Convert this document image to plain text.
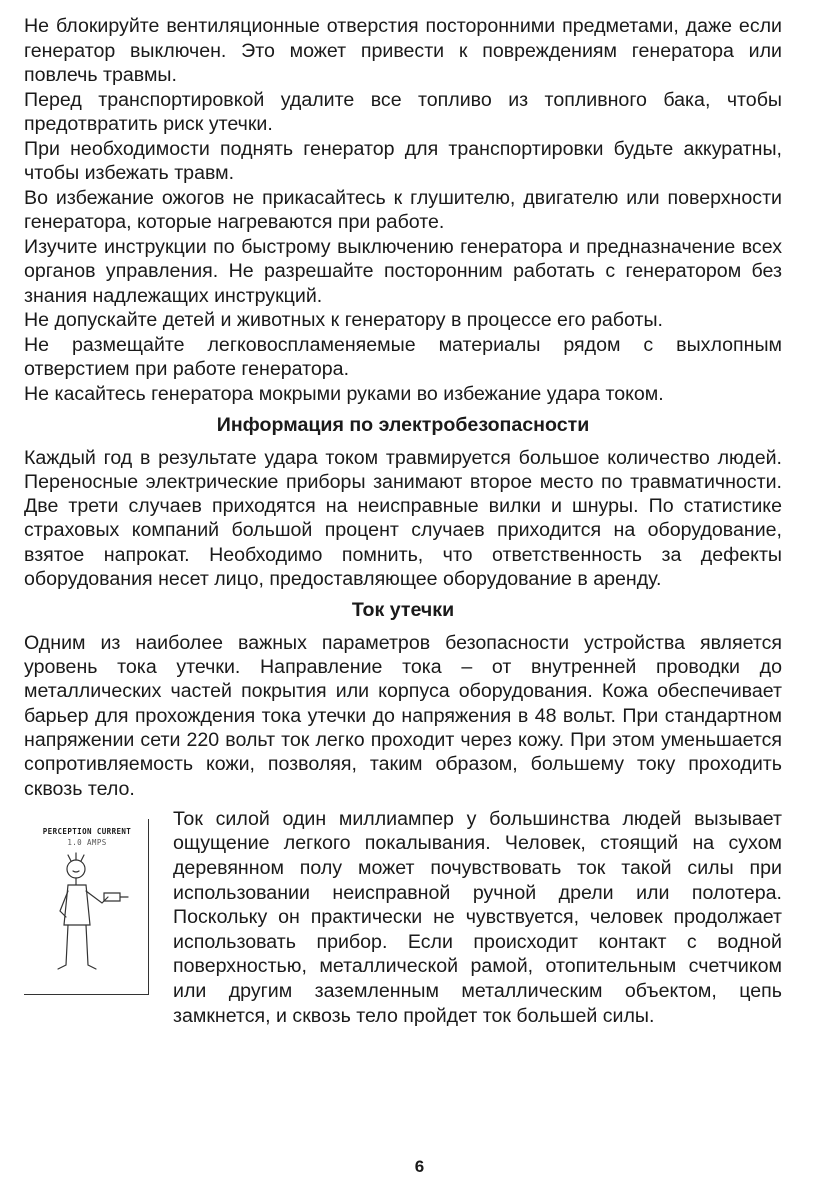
Не блокируйте вентиляционные отверстия посторонними предметами, даже если генератор выключен. Это может привести к повреждениям генератора или повлечь травмы.

Перед транспортировкой удалите все топливо из топливного бака, чтобы предотвратить риск утечки.

При необходимости поднять генератор для транспортировки будьте аккуратны, чтобы избежать травм.

Во избежание ожогов не прикасайтесь к глушителю, двигателю или поверхности генератора, которые нагреваются при работе.

Изучите инструкции по быстрому выключению генератора и предназначение всех органов управления. Не разрешайте посторонним работать с генератором без знания надлежащих инструкций.

Не допускайте детей и животных к генератору в процессе его работы.

Не размещайте легковоспламеняемые материалы рядом с выхлопным отверстием при работе генератора.

Не касайтесь генератора мокрыми руками во избежание удара током.

Информация по электробезопасности

Каждый год в результате удара током травмируется большое количество людей. Переносные электрические приборы занимают второе место по травматичности. Две трети случаев приходятся на неисправные вилки и шнуры. По статистике страховых компаний большой процент случаев приходится на оборудование, взятое напрокат. Необходимо помнить, что ответственность за дефекты оборудования несет лицо, предоставляющее оборудование в аренду.

Ток утечки

Одним из наиболее важных параметров безопасности устройства является уровень тока утечки. Направление тока – от внутренней проводки до металлических частей покрытия или корпуса оборудования. Кожа обеспечивает барьер для прохождения тока утечки до напряжения в 48 вольт. При стандартном напряжении сети 220 вольт ток легко проходит через кожу. При этом уменьшается сопротивляемость кожи, позволяя, таким образом, большему току проходить сквозь тело.

PERCEPTION CURRENT
1.0 AMPS

Ток силой один миллиампер у большинства людей вызывает ощущение легкого покалывания. Человек, стоящий на сухом деревянном полу может почувствовать ток такой силы при использовании неисправной ручной дрели или полотера. Поскольку он практически не чувствуется, человек продолжает использовать прибор. Если происходит контакт с водной поверхностью, металлической рамой, отопительным счетчиком или другим заземленным металлическим объектом, цепь замкнется, и сквозь тело пройдет ток большей силы.

6
